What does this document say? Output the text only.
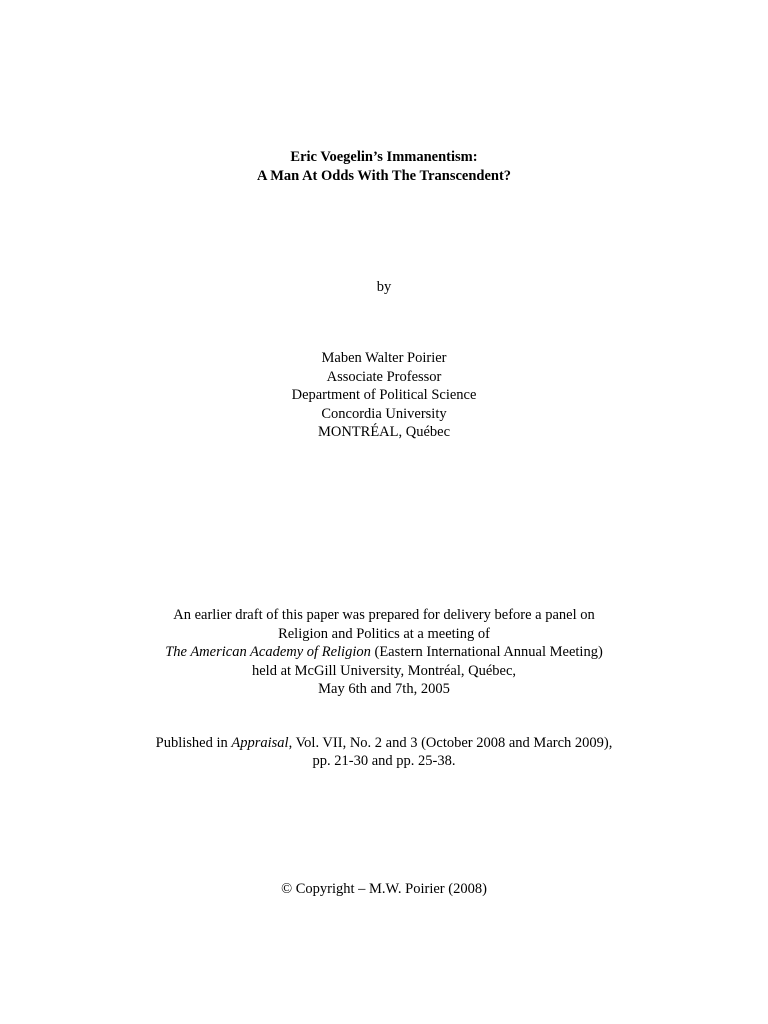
Eric Voegelin’s Immanentism:
A Man At Odds With The Transcendent?
by
Maben Walter Poirier
Associate Professor
Department of Political Science
Concordia University
MONTRÉAL, Québec
An earlier draft of this paper was prepared for delivery before a panel on
Religion and Politics at a meeting of
The American Academy of Religion (Eastern International Annual Meeting)
held at McGill University, Montréal, Québec,
May 6th and 7th, 2005
Published in Appraisal, Vol. VII, No. 2 and 3 (October 2008 and March 2009),
pp. 21-30 and pp. 25-38.
© Copyright – M.W. Poirier (2008)
